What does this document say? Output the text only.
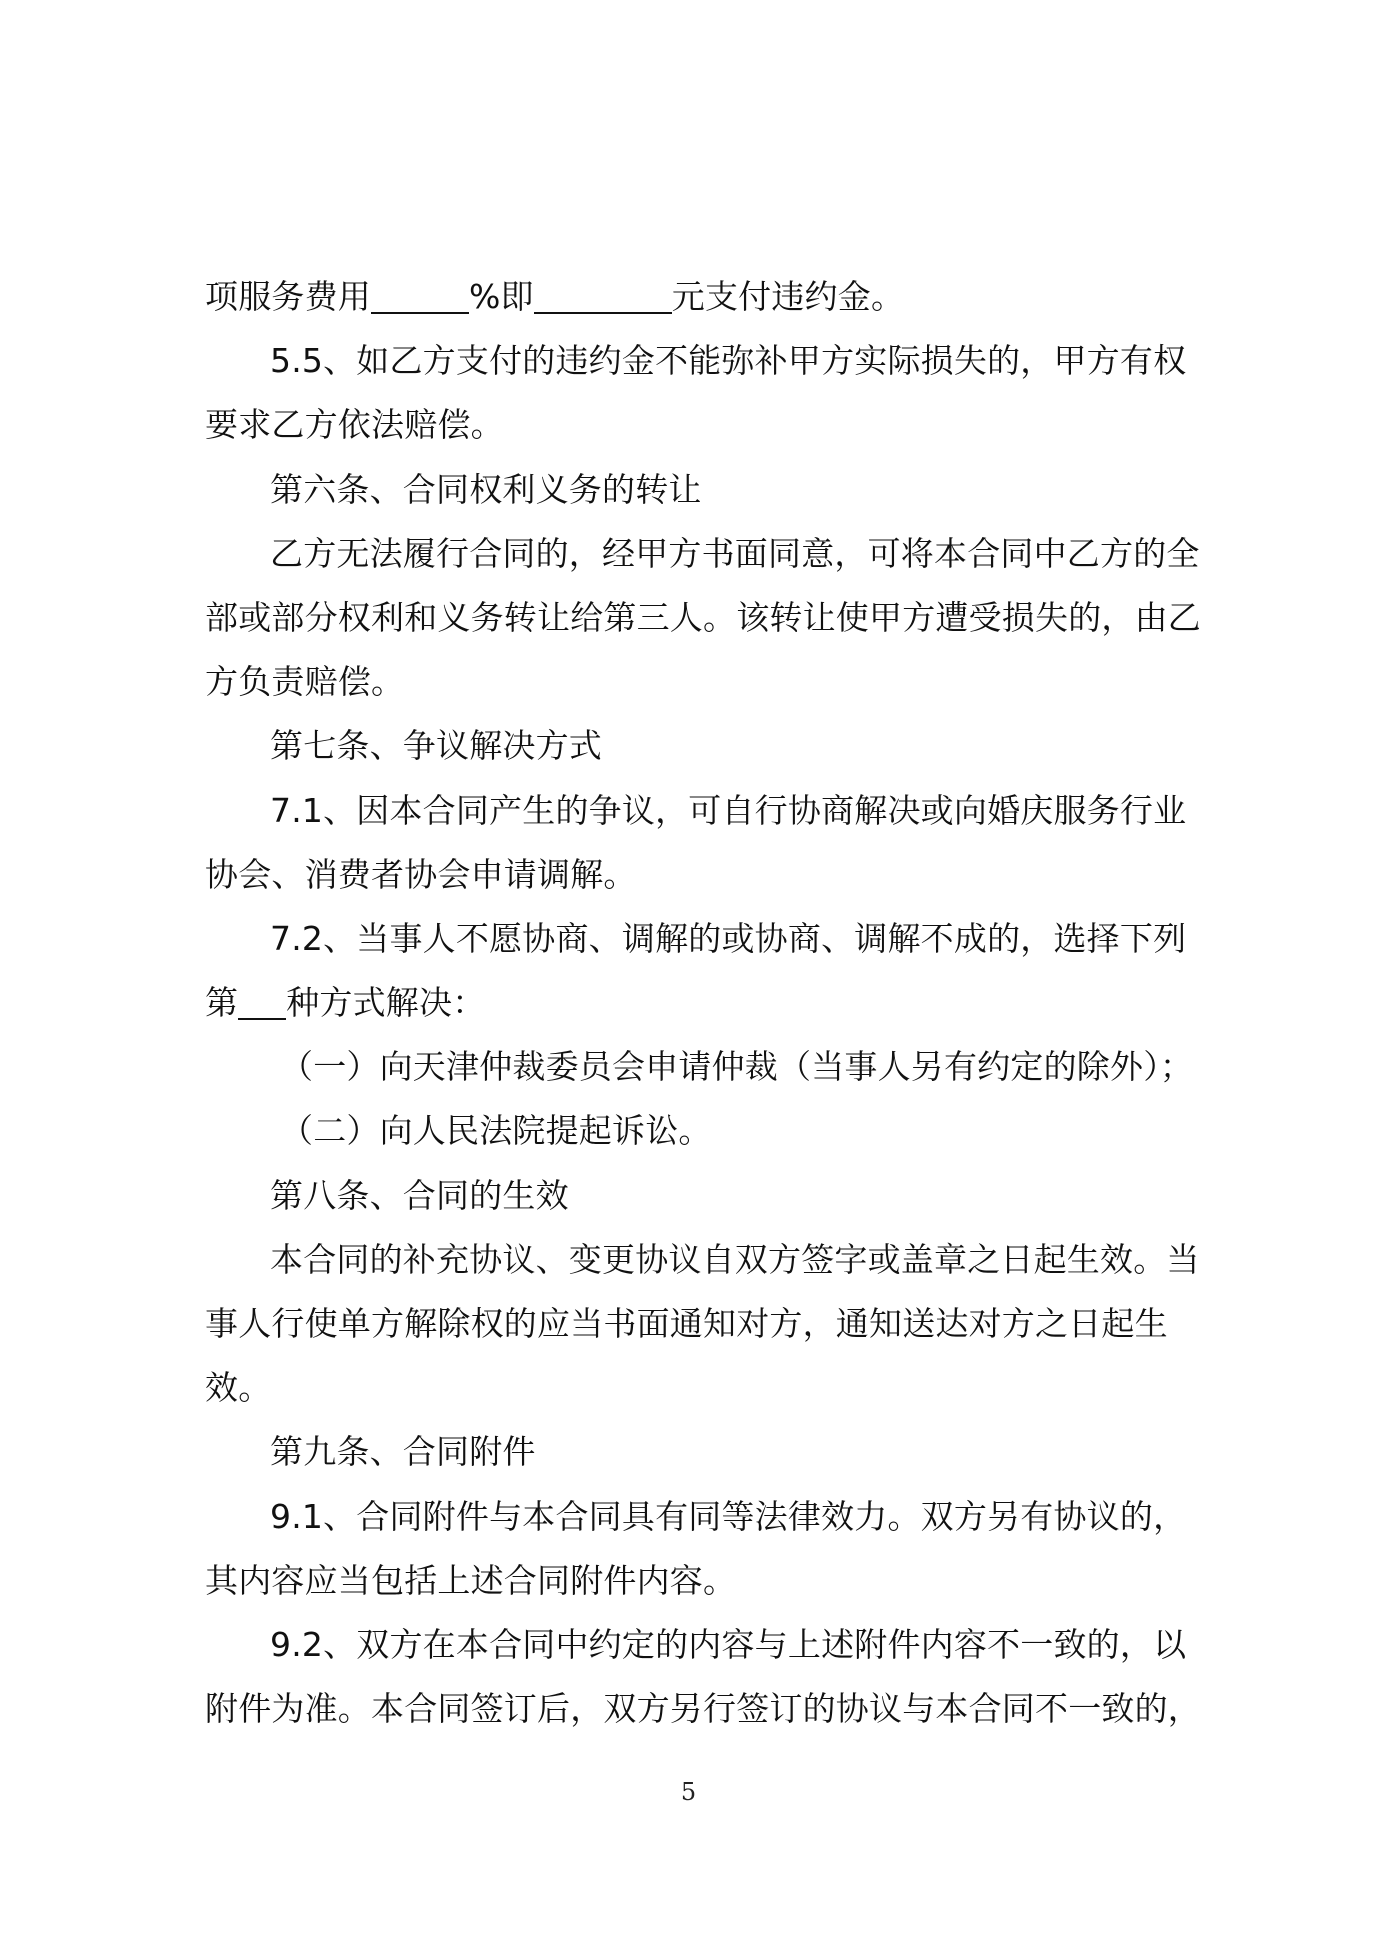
项服务费用	%即	元支付违约金。
5.5、如乙方支付的违约金不能弥补甲方实际损失的，甲方有权
要求乙方依法赔偿。
第六条、合同权利义务的转让
乙方无法履行合同的，经甲方书面同意，可将本合同中乙方的全
部或部分权利和义务转让给第三人。该转让使甲方遭受损失的，由乙
方负责赔偿。
第七条、争议解决方式
7.1、因本合同产生的争议，可自行协商解决或向婚庆服务行业
协会、消费者协会申请调解。
7.2、当事人不愿协商、调解的或协商、调解不成的，选择下列
第 种方式解决：
（一）向天津仲裁委员会申请仲裁（当事人另有约定的除外）；
（二）向人民法院提起诉讼。
第八条、合同的生效
本合同的补充协议、变更协议自双方签字或盖章之日起生效。当
事人行使单方解除权的应当书面通知对方，通知送达对方之日起生
效。
第九条、合同附件
9.1、合同附件与本合同具有同等法律效力。双方另有协议的，
其内容应当包括上述合同附件内容。
9.2、双方在本合同中约定的内容与上述附件内容不一致的，以
附件为准。本合同签订后，双方另行签订的协议与本合同不一致的，
5
